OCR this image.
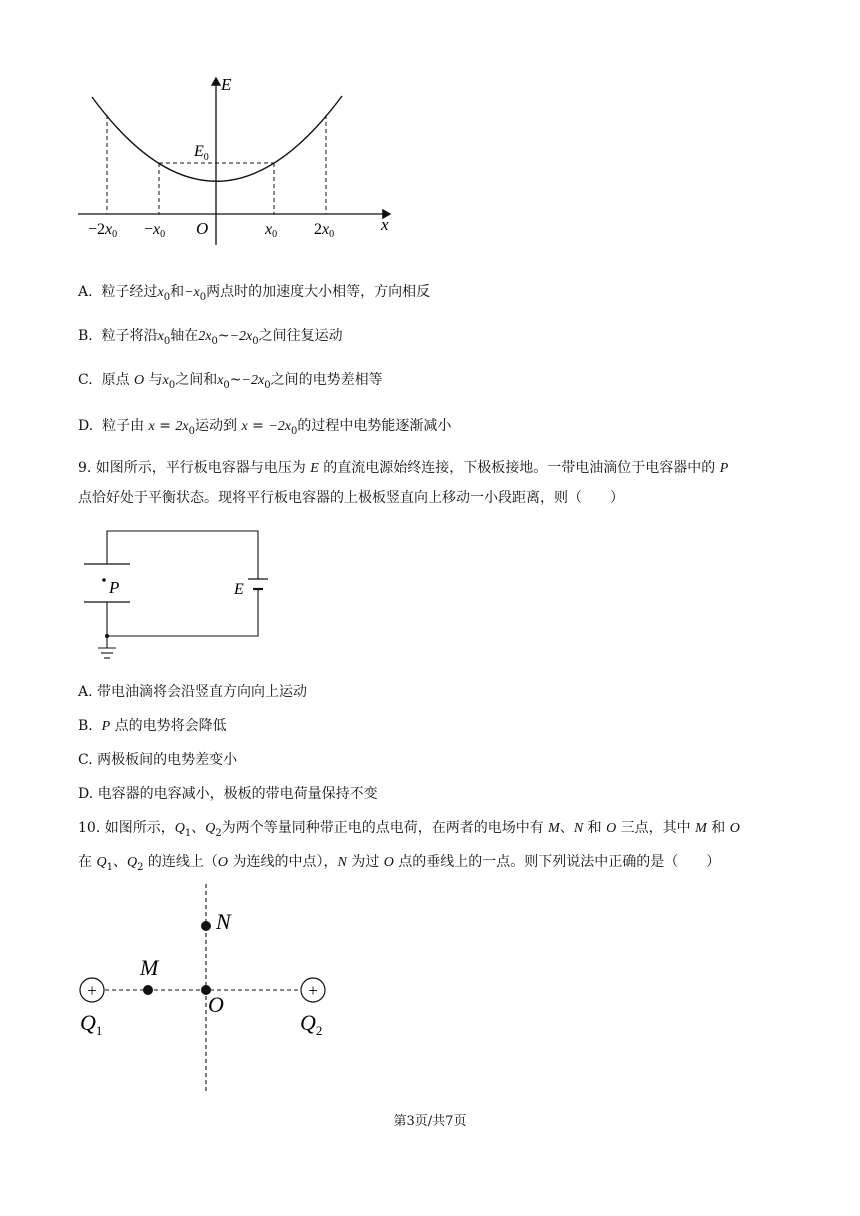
E
x
$E_0$
O
−2x0 −x0	x0 2x0
A. 粒子经过$x_0$和$-x_0$两点时的加速度大小相等，方向相反
B. 粒子将沿$x_0$轴在$2x_0\sim-2x_0$之间往复运动
C. 原点 O 与$x_0$之间和$x_0\sim-2x_0$之间的电势差相等
D. 粒子由 $x = 2x_0$运动到 $x = -2x_0$的过程中电势能逐渐减小
9. 如图所示，平行板电容器与电压为 E 的直流电源始终连接，下极板接地。一带电油滴位于电容器中的 P
点恰好处于平衡状态。现将平行板电容器的上极板竖直向上移动一小段距离，则（　　）
P	E
A. 带电油滴将会沿竖直方向向上运动
B. P 点的电势将会降低
C. 两极板间的电势差变小
D. 电容器的电容减小，极板的带电荷量保持不变
10. 如图所示，$Q_1$、$Q_2$为两个等量同种带正电的点电荷，在两者的电场中有 M、N 和 O 三点，其中 M 和 O
在 $Q_1$、$Q_2$ 的连线上（O 为连线的中点），N 为过 O 点的垂线上的一点。则下列说法中正确的是（　　）
+	+
N
M
O
$Q_1$	$Q_2$
第3页/共7页
